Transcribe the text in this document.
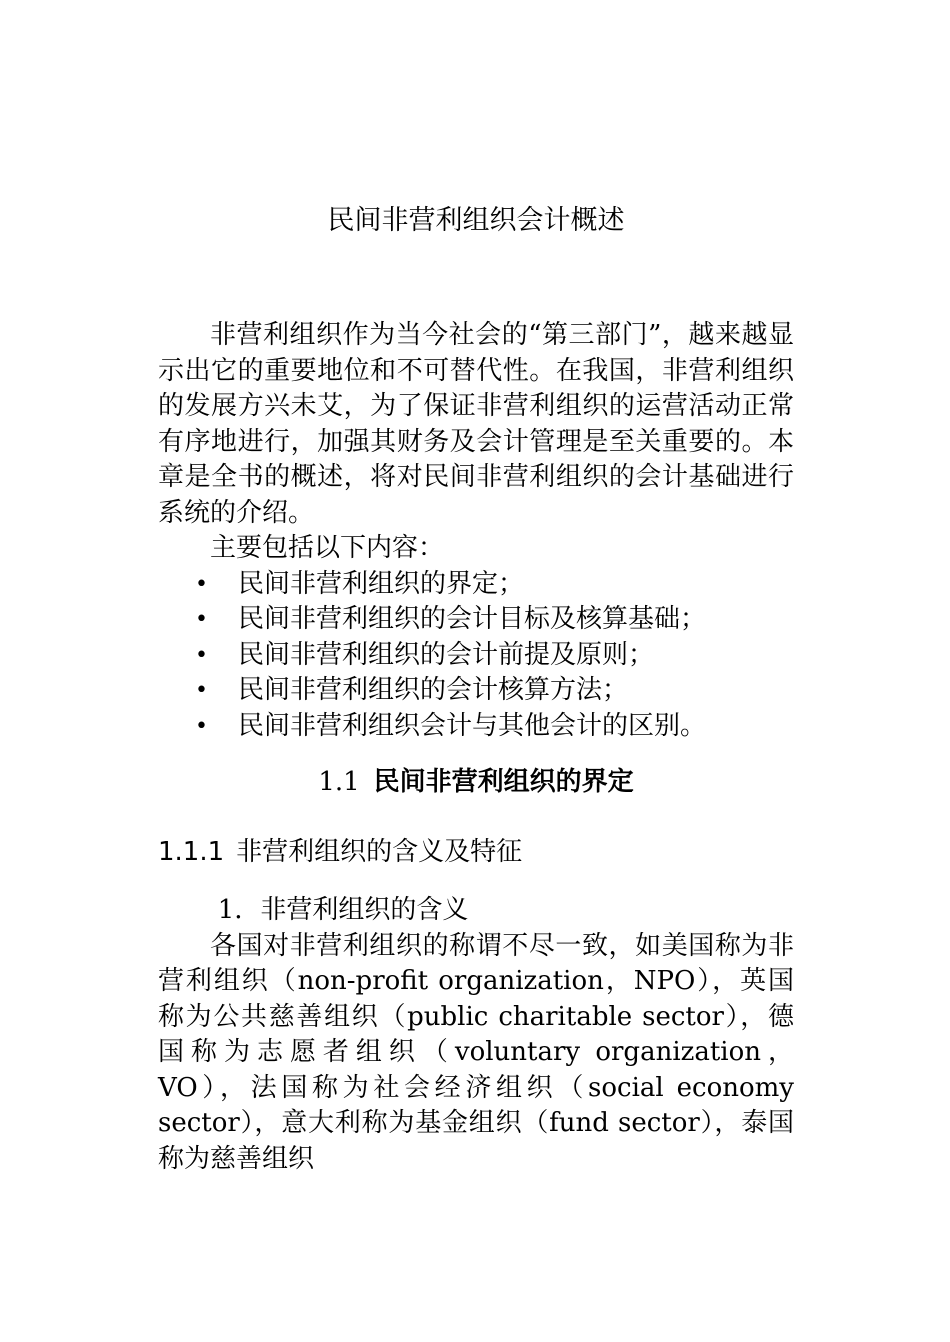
民间非营利组织会计概述

非营利组织作为当今社会的“第三部门”，越来越显示出它的重要地位和不可替代性。在我国，非营利组织的发展方兴未艾，为了保证非营利组织的运营活动正常有序地进行，加强其财务及会计管理是至关重要的。本章是全书的概述，将对民间非营利组织的会计基础进行系统的介绍。

主要包括以下内容：

• 民间非营利组织的界定；
• 民间非营利组织的会计目标及核算基础；
• 民间非营利组织的会计前提及原则；
• 民间非营利组织的会计核算方法；
• 民间非营利组织会计与其他会计的区别。
1.1 民间非营利组织的界定
1.1.1 非营利组织的含义及特征

1．非营利组织的含义

各国对非营利组织的称谓不尽一致，如美国称为非营利组织（non-profit organization，NPO），英国称为公共慈善组织（public charitable sector），德国称为志愿者组织（voluntary organization，VO），法国称为社会经济组织（social economy sector），意大利称为基金组织（fund sector），泰国称为慈善组织
